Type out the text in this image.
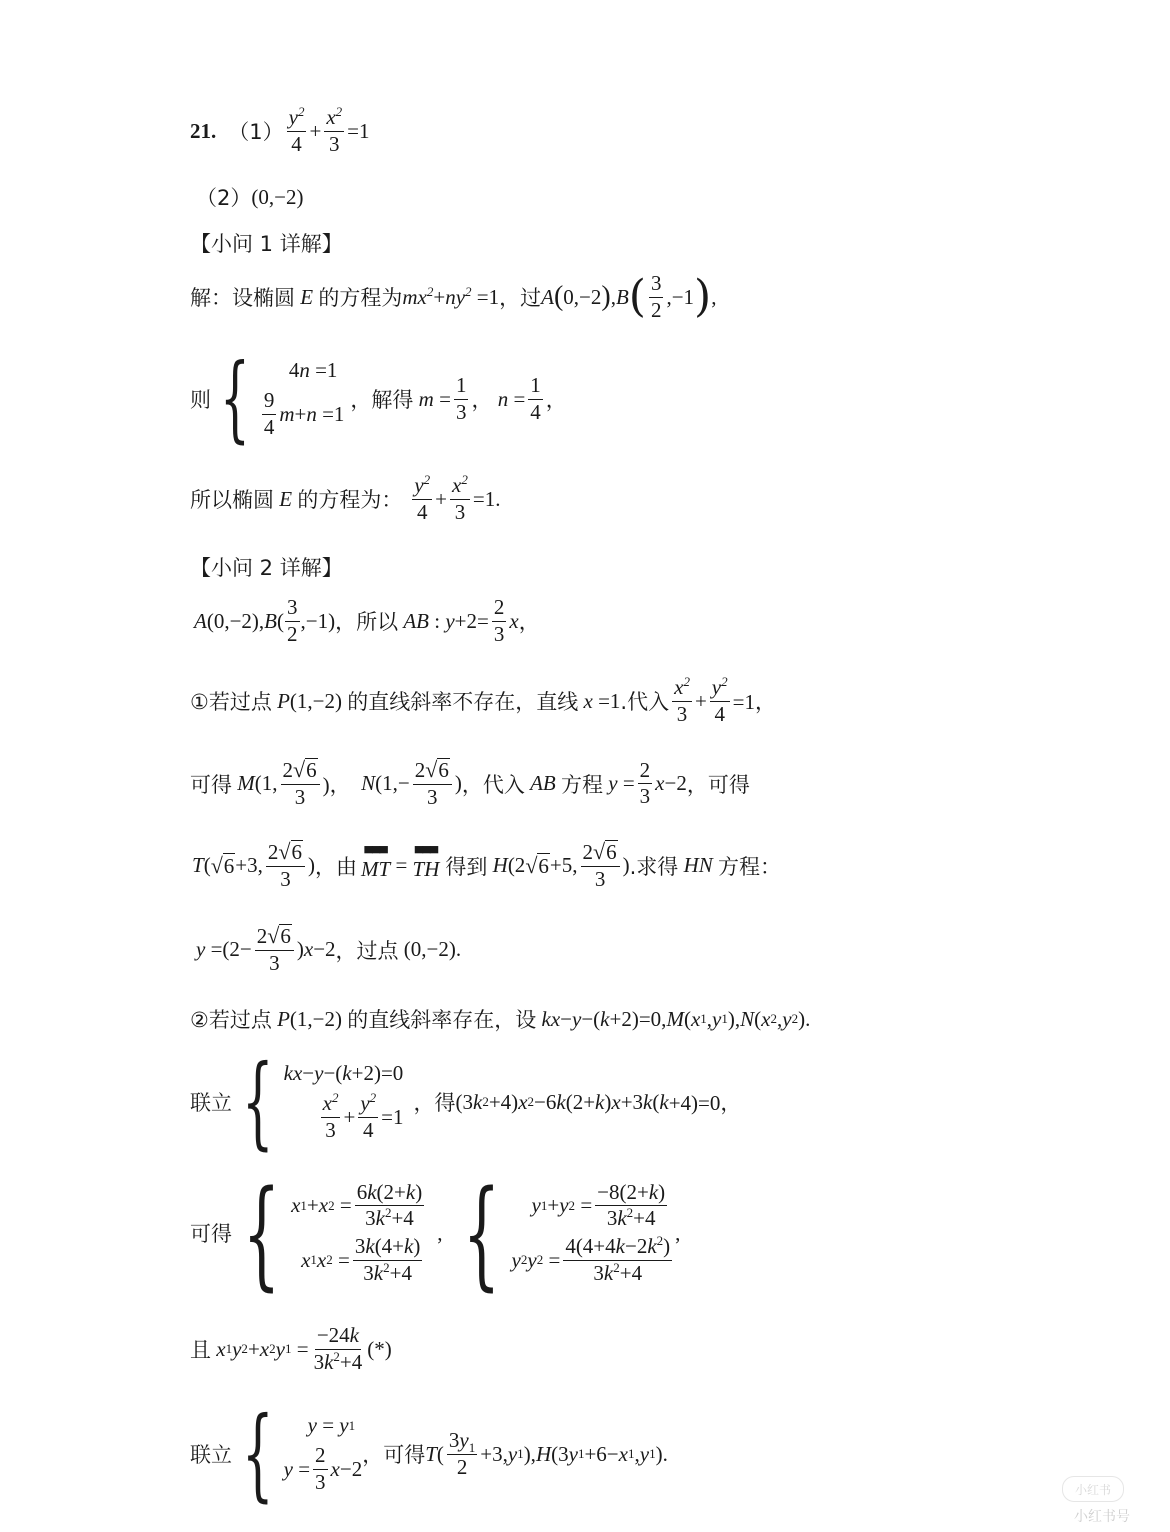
21. $(1) \frac{y^2}{4} + \frac{x^2}{3} =1$
（2） (0,−2)
【小问 1 详解】
解：设椭圆 E 的方程为 $mx^2 + ny^2 =1$ ，过 A ( 0,−2 ) , B ( $\frac{3}{2} ,-1$ ) ,
则 { 4 n =1
$\frac{9}{4}$ m + n =1
，解得 $m = \frac{1}{3}$ ， $n = \frac{1}{4}$ ，
所以椭圆 E 的方程为： $\frac{y^2}{4} + \frac{x^2}{3} =1$.
【小问 2 详解】
A (0,−2), B ( $\frac{3}{2} ,-1$) ，所以 AB : $y +2= \frac{2}{3}$ x ，
①若过点 P (1,−2) 的直线斜率不存在，直线 x =1 .代入 $\frac{x^2}{3} + \frac{y^2}{4} =1$，
可得 M (1, $\frac{2 √ 6}{3}$ )， N ($1,- \frac{2 √ 6}{3}$ ) ，代入 AB 方程 $y = \frac{2}{3}$ x −2 ，可得
T ( √ 6 +3, $\frac{2 √ 6}{3}$ ) ，由
▀▀▀
MT =
▀▀▀
TH 得到 H (2 √ 6 +5, $\frac{2 √ 6}{3}$ ) .求得 HN 方程：
$y =(2- \frac{2 √ 6}{3}$ ) x −2 ，过点 (0,−2).
②若过点 P (1,−2) 的直线斜率存在，设 kx − y −( k +2)=0, M ( x 1 , y 1 ), N ( x 2 , y 2 ).
联立 { kx − y −( k +2)=0
$\frac{x^2}{3} + \frac{y^2}{4} =1$
，得 (3 k 2 +4) x 2 −6 k (2+ k ) x +3 k ( k +4)=0，
可得 { x 1 + x $2 = \frac{6k(2+k)}{3k^2+4}$
x 1 x $2 = \frac{3k(4+k)}{3k^2+4}$
, { y 1 + y $2 = \frac{-8(2+k)}{3k^2+4}$
y 2 y $2 = \frac{4(4+4k-2k^2)}{3k^2+4}$
,
且 x 1 y 2 + x 2 y $1 = \frac{-24k}{3k^2+4}$ (*)
联立 { y = y 1
$y = \frac{2}{3}$ x −2
，可得 T ( $\frac{3y_1}{2} +3$, y 1 ), H (3 y 1 +6− x 1 , y 1 ).
小红书
小红书号
